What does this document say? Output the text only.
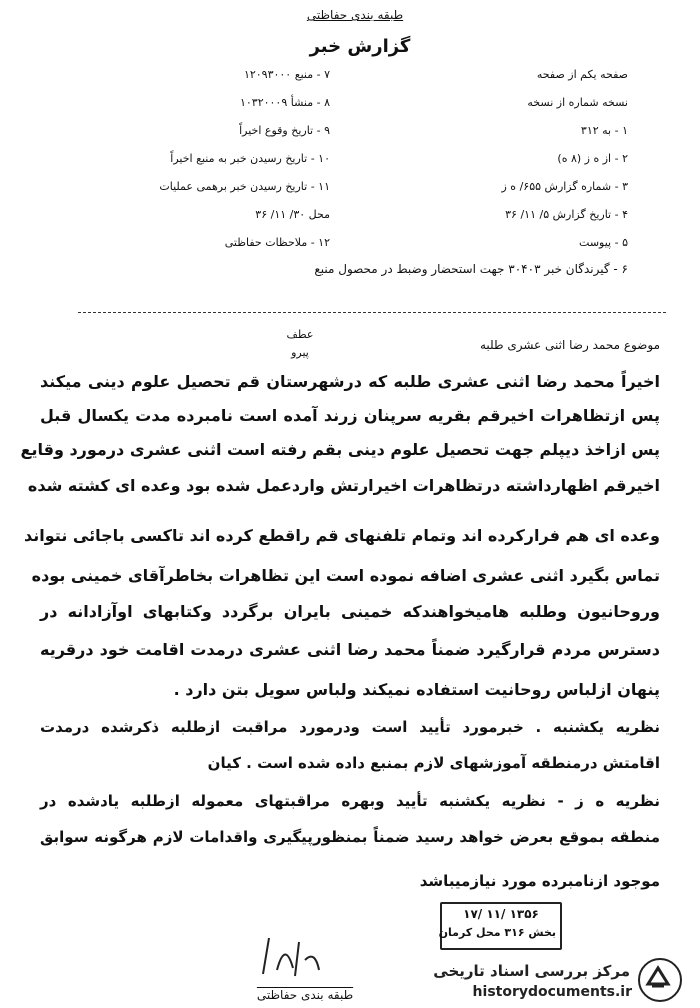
طبقه بندی حفاظتی
گزارش خبر
صفحه یکم از صفحه
نسخه شماره از نسخه
۱ - به ۳۱۲
۲ - از ه ز (۸ ه)
۳ - شماره گزارش ۶۵۵/ ه ز
۴ - تاریخ گزارش ۵/ ۱۱/ ۳۶
۵ - پیوست
۶ - گیرندگان خبر ۳۰۴۰۳ جهت استحضار وضبط در محصول منبع
۷ - منبع ۱۲۰۹۳۰۰۰
۸ - منشأ ۱۰۳۲۰۰۰۹
۹ - تاریخ وقوع اخیراً
۱۰ - تاریخ رسیدن خبر به منبع اخیراً
۱۱ - تاریخ رسیدن خبر برهمی عملیات
محل ۳۰/ ۱۱/ ۳۶
۱۲ - ملاحظات حفاظتی
عطف
پیرو
موضوع محمد رضا اثنی عشری طلبه
اخیراً محمد رضا اثنی عشری طلبه که درشهرستان قم تحصیل علوم دینی میکند
پس ازتظاهرات اخیرقم بقریه سرپنان زرند آمده است نامبرده مدت یکسال قبل
پس ازاخذ دیپلم جهت تحصیل علوم دینی بقم رفته است اثنی عشری درمورد وقایع
اخیرقم اظهارداشته درتظاهرات اخیرارتش واردعمل شده بود وعده ای کشته شده
وعده ای هم فرارکرده اند وتمام تلفنهای قم راقطع کرده اند تاکسی باجائی نتواند
تماس بگیرد اثنی عشری اضافه نموده است این تظاهرات بخاطرآقای خمینی بوده
وروحانیون وطلبه هامیخواهندکه خمینی بایران برگردد وکتابهای اوآزادانه در
دسترس مردم قرارگیرد ضمناً محمد رضا اثنی عشری درمدت اقامت خود درقریه
پنهان ازلباس روحانیت استفاده نمیکند ولباس سویل بتن دارد .
نظریه یکشنبه . خبرمورد تأیید است ودرمورد مراقبت ازطلبه ذکرشده درمدت
اقامتش درمنطقه آموزشهای لازم بمنبع داده شده است . کیان
نظریه ه ز - نظریه یکشنبه تأیید وبهره مراقبتهای معموله ازطلبه یادشده در
منطقه بموقع بعرض خواهد رسید ضمناً بمنظورپیگیری واقدامات لازم هرگونه سوابق
موجود ازنامبرده مورد نیازمیباشد
۱۳۵۶ /۱۱ /۱۷
بخش ۳۱۶ محل کرمان
طبقه بندی حفاظتی
مرکز بررسی اسناد تاریخی
historydocuments.ir
